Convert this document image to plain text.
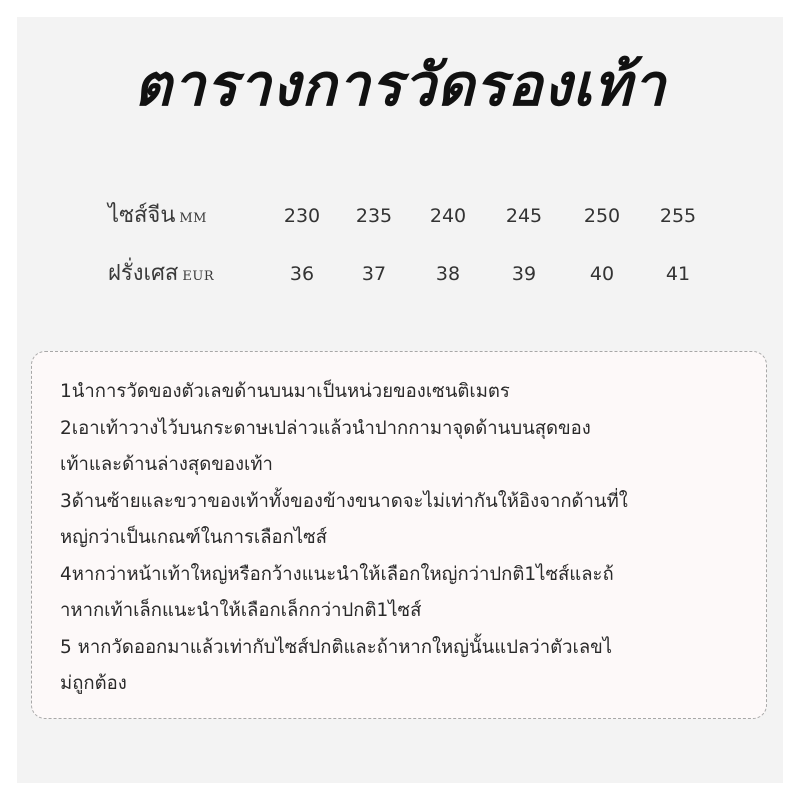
ตารางการวัดรองเท้า
ไซส์จีน MM	230	235	240	245	250	255
ฝรั่งเศส EUR	36	37	38	39	40	41
1นำการวัดของตัวเลขด้านบนมาเป็นหน่วยของเซนติเมตร
2เอาเท้าวางไว้บนกระดาษเปล่าวแล้วนำปากกามาจุดด้านบนสุดของ
เท้าและด้านล่างสุดของเท้า
3ด้านซ้ายและขวาของเท้าทั้งของข้างขนาดจะไม่เท่ากันให้อิงจากด้านที่ใ
หญ่กว่าเป็นเกณฑ์ในการเลือกไซส์
4หากว่าหน้าเท้าใหญ่หรือกว้างแนะนำให้เลือกใหญ่กว่าปกติ1ไซส์และถ้
าหากเท้าเล็กแนะนำให้เลือกเล็กกว่าปกติ1ไซส์
5 หากวัดออกมาแล้วเท่ากับไซส์ปกติและถ้าหากใหญ่นั้นแปลว่าตัวเลขไ
ม่ถูกต้อง
